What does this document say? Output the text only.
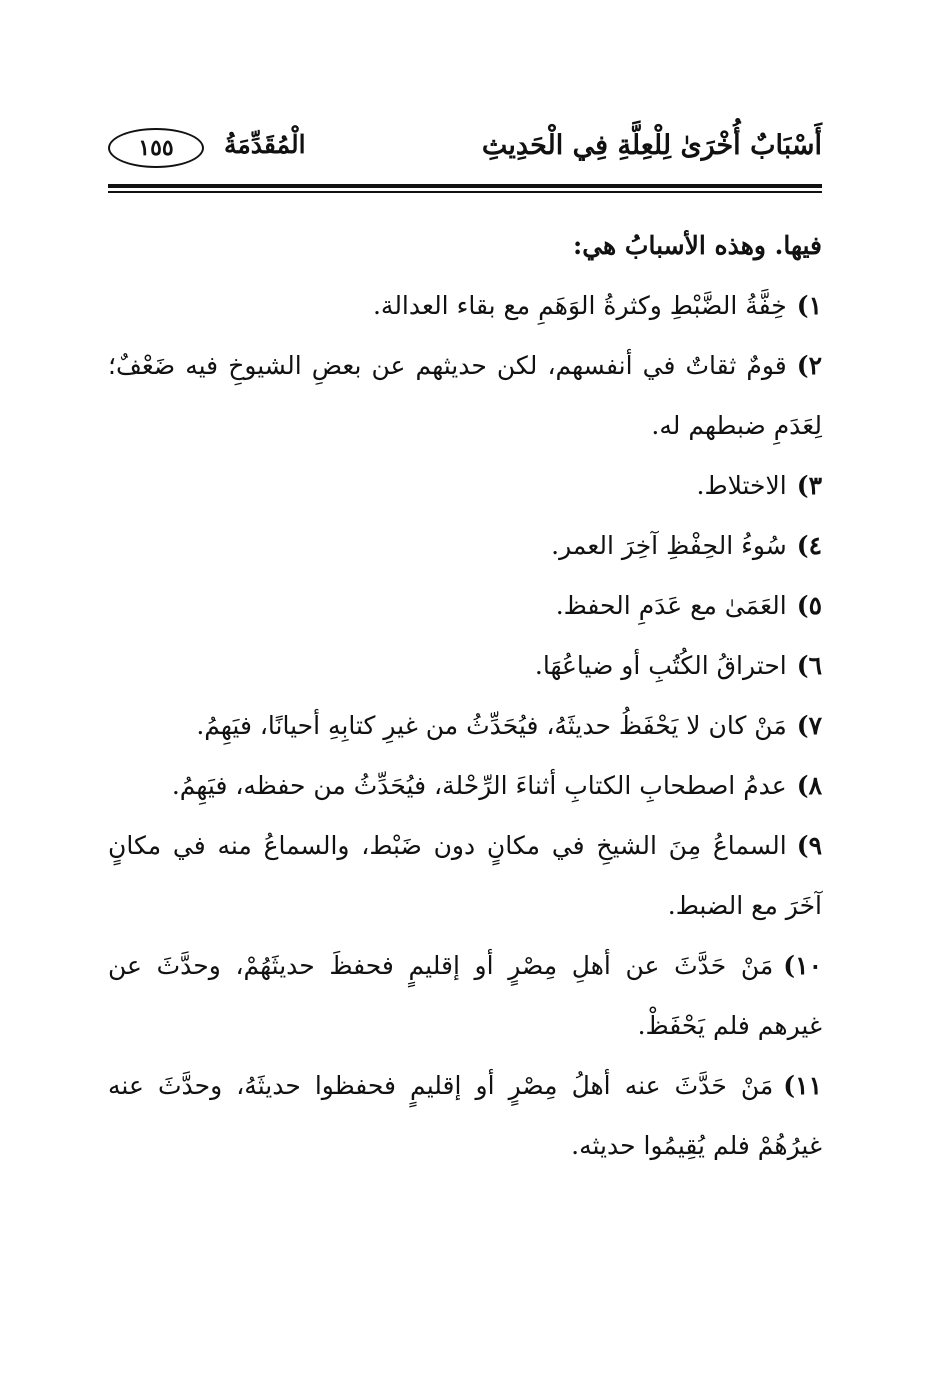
أَسْبَابٌ أُخْرَىٰ لِلْعِلَّةِ فِي الْحَدِيثِ
الْمُقَدِّمَةُ
١٥٥

فيها. وهذه الأسبابُ هي:

١)خِفَّةُ الضَّبْطِ وكثرةُ الوَهَمِ مع بقاء العدالة.

٢)قومٌ ثقاتٌ في أنفسهم، لكن حديثهم عن بعضِ الشيوخِ فيه ضَعْفٌ؛ لِعَدَمِ ضبطهم له.

٣)الاختلاط.

٤)سُوءُ الحِفْظِ آخِرَ العمر.

٥)العَمَىٰ مع عَدَمِ الحفظ.

٦)احتراقُ الكُتُبِ أو ضياعُهَا.

٧)مَنْ كان لا يَحْفَظُ حديثَهُ، فيُحَدِّثُ من غيرِ كتابِهِ أحيانًا، فيَهِمُ.

٨)عدمُ اصطحابِ الكتابِ أثناءَ الرِّحْلة، فيُحَدِّثُ من حفظه، فيَهِمُ.

٩)السماعُ مِنَ الشيخِ في مكانٍ دون ضَبْط، والسماعُ منه في مكانٍ آخَرَ مع الضبط.

١٠)مَنْ حَدَّثَ عن أهلِ مِصْرٍ أو إقليمٍ فحفظَ حديثَهُمْ، وحدَّثَ عن غيرهم فلم يَحْفَظْ.

١١)مَنْ حَدَّثَ عنه أهلُ مِصْرٍ أو إقليمٍ فحفظوا حديثَهُ، وحدَّثَ عنه غيرُهُمْ فلم يُقِيمُوا حديثه.
